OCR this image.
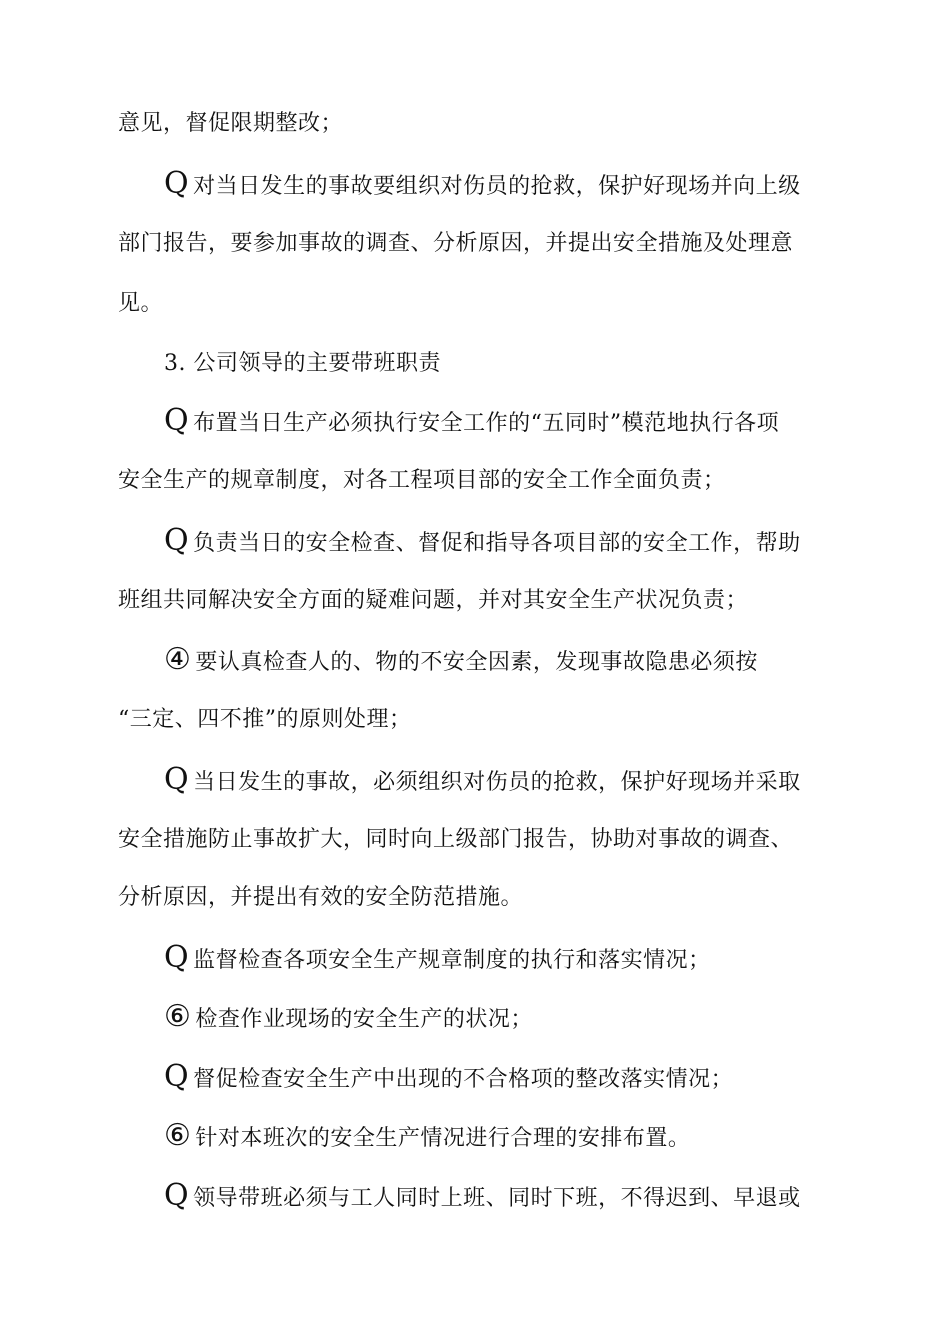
意见，督促限期整改；
Q 对当日发生的事故要组织对伤员的抢救，保护好现场并向上级
部门报告，要参加事故的调查、分析原因，并提出安全措施及处理意
见。
3. 公司领导的主要带班职责
Q 布置当日生产必须执行安全工作的“五同时”模范地执行各项
安全生产的规章制度，对各工程项目部的安全工作全面负责；
Q 负责当日的安全检查、督促和指导各项目部的安全工作，帮助
班组共同解决安全方面的疑难问题，并对其安全生产状况负责；
④ 要认真检查人的、物的不安全因素，发现事故隐患必须按
“三定、四不推”的原则处理；
Q 当日发生的事故，必须组织对伤员的抢救，保护好现场并采取
安全措施防止事故扩大，同时向上级部门报告，协助对事故的调查、
分析原因，并提出有效的安全防范措施。
Q 监督检查各项安全生产规章制度的执行和落实情况；
⑥ 检查作业现场的安全生产的状况；
Q 督促检查安全生产中出现的不合格项的整改落实情况；
⑥ 针对本班次的安全生产情况进行合理的安排布置。
Q 领导带班必须与工人同时上班、同时下班，不得迟到、早退或
